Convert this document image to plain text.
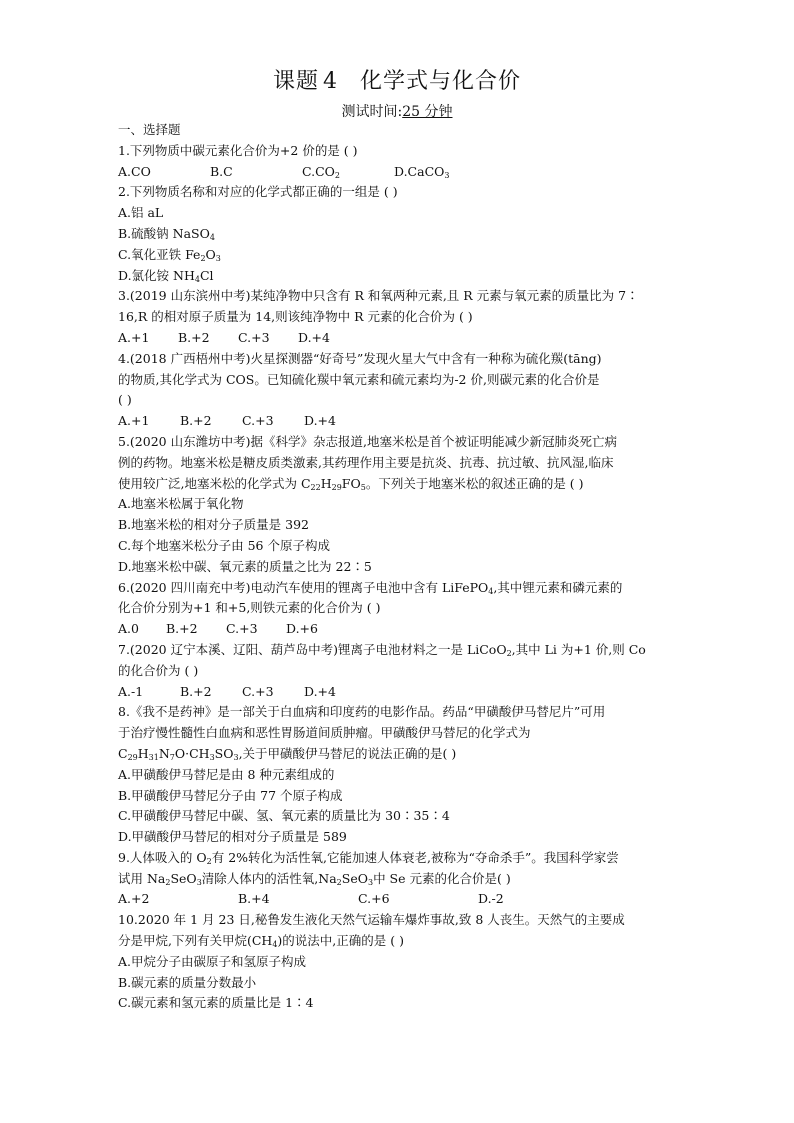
课题 4 化学式与化合价
测试时间:25 分钟
一、选择题
1.下列物质中碳元素化合价为+2 价的是 ( )
A.CO	B.C	$C.CO_2$	D.CaCO$_3$
2.下列物质名称和对应的化学式都正确的一组是 ( )
A.铝 aL
B.硫酸钠 NaSO$_4$
C.氧化亚铁 $Fe_2O_3$
D.氯化铵 $NH_4Cl$
3.(2019 山东滨州中考)某纯净物中只含有 R 和氧两种元素,且 R 元素与氧元素的质量比为 7∶
16,R 的相对原子质量为 14,则该纯净物中 R 元素的化合价为 ( )
A.+1 B.+2 C.+3 D.+4
4.(2018 广西梧州中考)火星探测器“好奇号”发现火星大气中含有一种称为硫化羰(tāng)
的物质,其化学式为 COS。已知硫化羰中氧元素和硫元素均为-2 价,则碳元素的化合价是
( )
A.+1 B.+2 C.+3 D.+4
5.(2020 山东潍坊中考)据《科学》杂志报道,地塞米松是首个被证明能减少新冠肺炎死亡病
例的药物。地塞米松是糖皮质类激素,其药理作用主要是抗炎、抗毒、抗过敏、抗风湿,临床
使用较广泛,地塞米松的化学式为 $C_{22}H_{29}FO_5$。下列关于地塞米松的叙述正确的是 ( )
A.地塞米松属于氧化物
B.地塞米松的相对分子质量是 392
C.每个地塞米松分子由 56 个原子构成
D.地塞米松中碳、氧元素的质量之比为 22∶5
6.(2020 四川南充中考)电动汽车使用的锂离子电池中含有 LiFePO$_4$,其中锂元素和磷元素的
化合价分别为+1 和+5,则铁元素的化合价为 ( )
A.0 B.+2 C.+3 D.+6
7.(2020 辽宁本溪、辽阳、葫芦岛中考)锂离子电池材料之一是 LiCoO$_2$,其中 Li 为+1 价,则 Co
的化合价为 ( )
A.-1	B.+2 C.+3 D.+4
8.《我不是药神》是一部关于白血病和印度药的电影作品。药品“甲磺酸伊马替尼片”可用
于治疗慢性髓性白血病和恶性胃肠道间质肿瘤。甲磺酸伊马替尼的化学式为
$C_{29}H_{31}N_7O\cdot CH_3SO_3$,关于甲磺酸伊马替尼的说法正确的是( )
A.甲磺酸伊马替尼是由 8 种元素组成的
B.甲磺酸伊马替尼分子由 77 个原子构成
C.甲磺酸伊马替尼中碳、氢、氧元素的质量比为 30∶35∶4
D.甲磺酸伊马替尼的相对分子质量是 589
9.人体吸入的 $O_2$有 2%转化为活性氧,它能加速人体衰老,被称为“夺命杀手”。我国科学家尝
试用 $Na_2SeO_3$清除人体内的活性氧$,Na_2SeO_3$中 Se 元素的化合价是( )
A.+2	B.+4	C.+6	D.-2
10.2020 年 1 月 23 日,秘鲁发生液化天然气运输车爆炸事故,致 8 人丧生。天然气的主要成
分是甲烷,下列有关甲烷$(CH_4)$的说法中,正确的是 ( )
A.甲烷分子由碳原子和氢原子构成
B.碳元素的质量分数最小
C.碳元素和氢元素的质量比是 1∶4
